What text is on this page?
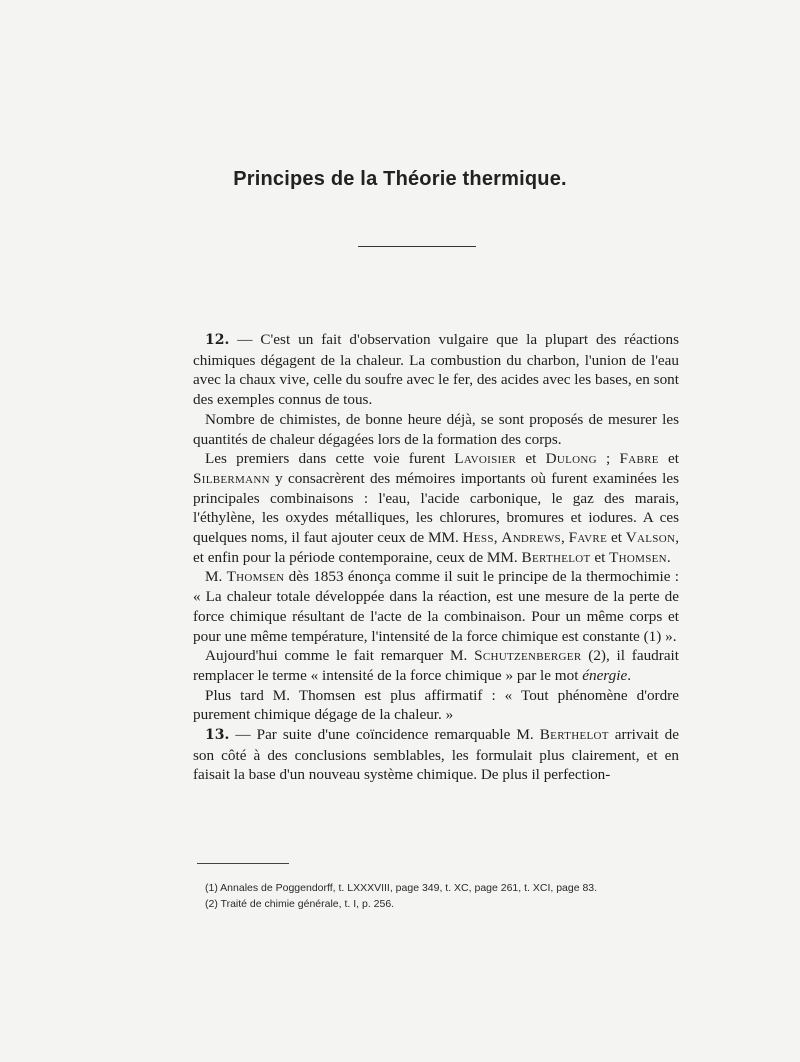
Principes de la Théorie thermique.

12. — C'est un fait d'observation vulgaire que la plupart des réactions chimiques dégagent de la chaleur. La combustion du charbon, l'union de l'eau avec la chaux vive, celle du soufre avec le fer, des acides avec les bases, en sont des exemples connus de tous.

Nombre de chimistes, de bonne heure déjà, se sont proposés de mesurer les quantités de chaleur dégagées lors de la formation des corps.

Les premiers dans cette voie furent Lavoisier et Dulong ; Fabre et Silbermann y consacrèrent des mémoires importants où furent examinées les principales combinaisons : l'eau, l'acide carbonique, le gaz des marais, l'éthylène, les oxydes métalliques, les chlorures, bromures et iodures. A ces quelques noms, il faut ajouter ceux de MM. Hess, Andrews, Favre et Valson, et enfin pour la période contemporaine, ceux de MM. Berthelot et Thomsen.

M. Thomsen dès 1853 énonça comme il suit le principe de la thermochimie : « La chaleur totale développée dans la réaction, est une mesure de la perte de force chimique résultant de l'acte de la combinaison. Pour un même corps et pour une même température, l'intensité de la force chimique est constante (1) ».

Aujourd'hui comme le fait remarquer M. Schutzenberger (2), il faudrait remplacer le terme « intensité de la force chimique » par le mot énergie.

Plus tard M. Thomsen est plus affirmatif : « Tout phénomène d'ordre purement chimique dégage de la chaleur. »

13. — Par suite d'une coïncidence remarquable M. Berthelot arrivait de son côté à des conclusions semblables, les formulait plus clairement, et en faisait la base d'un nouveau système chimique. De plus il perfection-

(1) Annales de Poggendorff, t. LXXXVIII, page 349, t. XC, page 261, t. XCI, page 83.
(2) Traité de chimie générale, t. I, p. 256.
